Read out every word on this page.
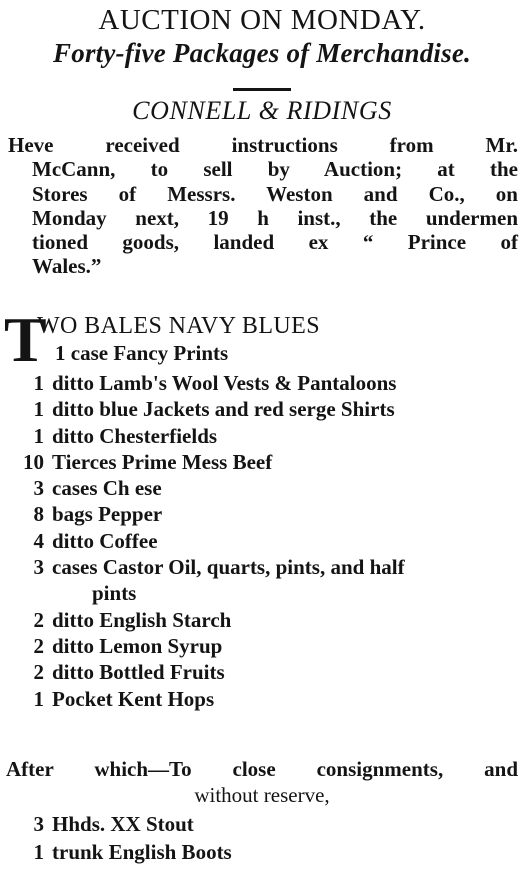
AUCTION ON MONDAY.
Forty-five Packages of Merchandise.
CONNELL & RIDINGS
Heve received instructions from Mr.
McCann, to sell by Auction; at the
Stores of Messrs. Weston and Co., on
Monday next, 19 h inst., the undermen
tioned goods, landed ex “ Prince of
Wales.”
T
WO BALES NAVY BLUES
1 case Fancy Prints
1 ditto Lamb's Wool Vests & Pantaloons
1 ditto blue Jackets and red serge Shirts
1 ditto Chesterfields
10 Tierces Prime Mess Beef
3 cases Ch ese
8 bags Pepper
4 ditto Coffee
3 cases Castor Oil, quarts, pints, and half
pints
2 ditto English Starch
2 ditto Lemon Syrup
2 ditto Bottled Fruits
1 Pocket Kent Hops
After which—To close consignments, and
without reserve,
3 Hhds. XX Stout
1 trunk English Boots
